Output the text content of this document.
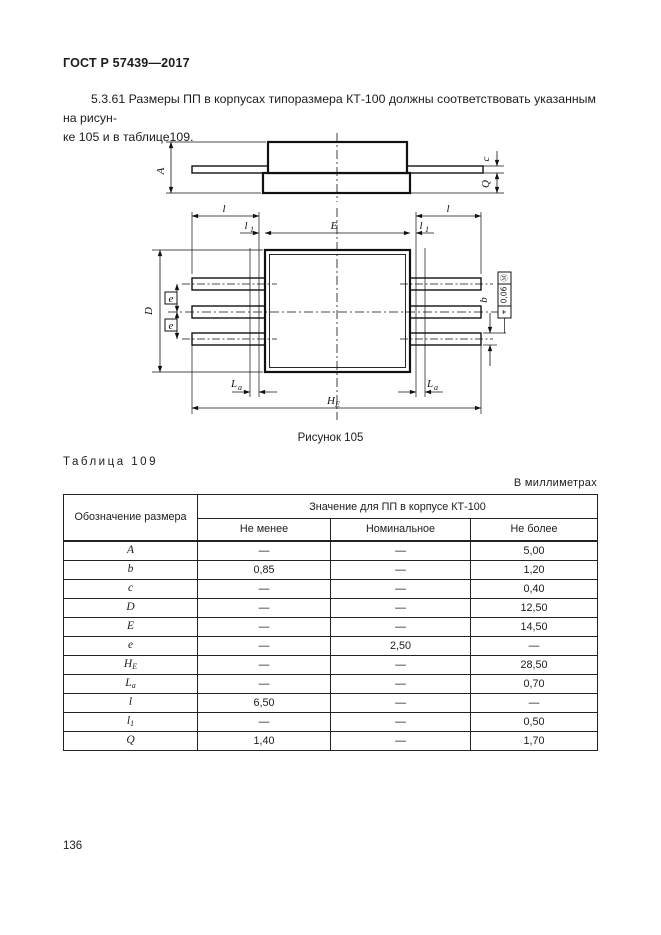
ГОСТ Р 57439—2017
5.3.61 Размеры ПП в корпусах типоразмера КТ-100 должны соответствовать указанным на рисун-
ке 105 и в таблице109.
A
c
Q
l	l
l 1	l 1
E
D
e
e
L a	L a
H E
b
Ⓜ
0,06
⌖
Рисунок 105
Таблица 109
В миллиметрах
Обозначение размера	Значение для ПП в корпусе КТ-100		
	Не менее	Номинальное	Не более
A	—	—	5,00
b	0,85	—	1,20
c	—	—	0,40
D	—	—	12,50
E	—	—	14,50
e	—	2,50	—
$H_E$	—	—	28,50
$L_a$	—	—	0,70
l	6,50	—	—
$l_1$	—	—	0,50
Q	1,40	—	1,70
136
